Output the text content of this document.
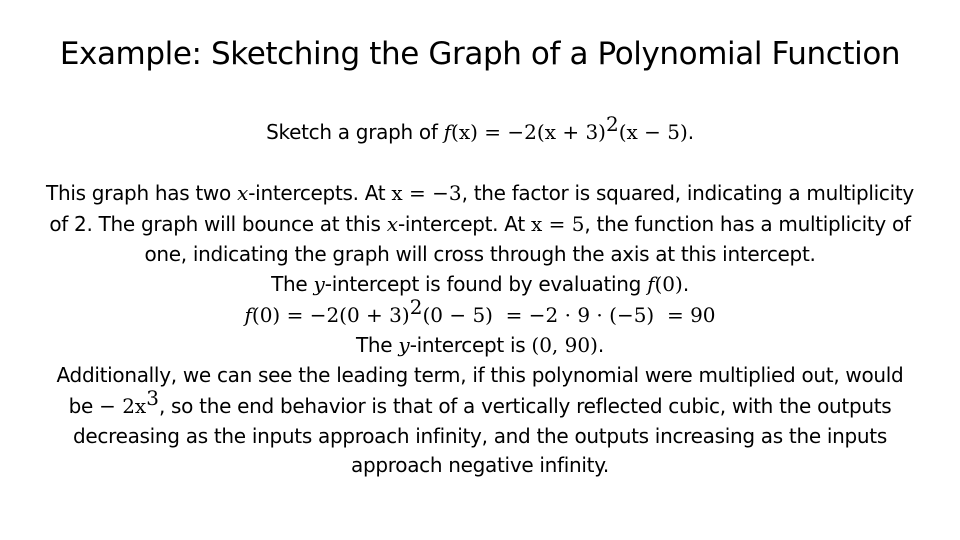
Example: Sketching the Graph of a Polynomial Function
Sketch a graph of $f(x) = -2(x + 3)^2(x - 5)$.
This graph has two x-intercepts. At x = −3, the factor is squared, indicating a multiplicity
of 2. The graph will bounce at this x-intercept. At x = 5, the function has a multiplicity of
one, indicating the graph will cross through the axis at this intercept.
The y-intercept is found by evaluating f(0).
$f(0) = -2(0 + 3)^2(0 - 5) = -2 \cdot 9 \cdot (-5) = 90$
The y-intercept is (0, 90).
Additionally, we can see the leading term, if this polynomial were multiplied out, would
be − $2x^3$, so the end behavior is that of a vertically reflected cubic, with the outputs
decreasing as the inputs approach infinity, and the outputs increasing as the inputs
approach negative infinity.
